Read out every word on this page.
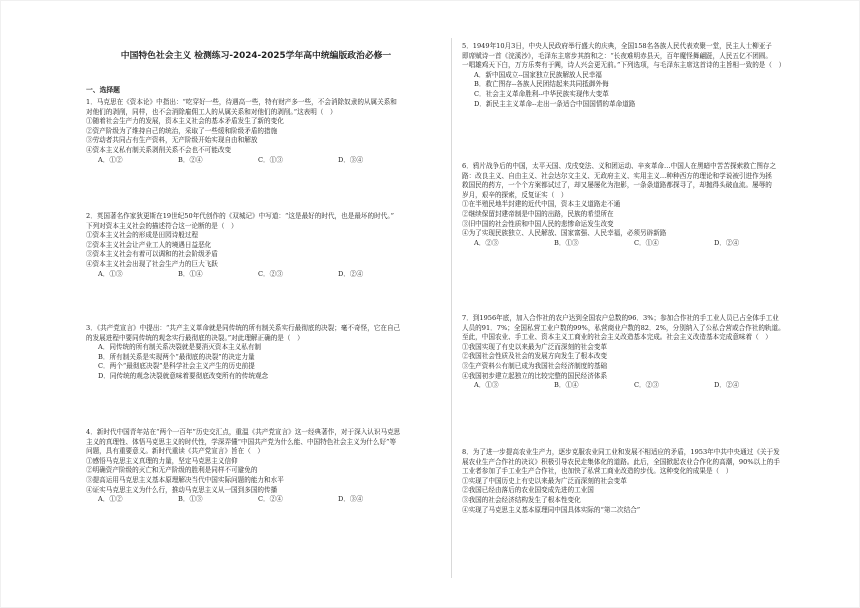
中国特色社会主义 检测练习-2024-2025学年高中统编版政治必修一
一、选择题

1．马克思在《资本论》中指出：“吃穿好一些，待遇高一些，特有财产多一些，不会消除奴隶的从属关系和

对他们的剥削，同样，也不会消除雇佣工人的从属关系和对他们的剥削。”这表明（　）

①随着社会生产力的发展，资本主义社会的基本矛盾发生了新的变化

②资产阶级为了维持自己的统治，采取了一些缓和阶级矛盾的措施

③劳动者共同占有生产资料，无产阶级开始实现自由和解放

④资本主义私有制关系剥削关系不会也不可能改变

A．①②	B．②④	C．①③	D．③④

2．英国著名作家狄更斯在19世纪50年代创作的《双城记》中写道：“这是最好的时代，也是最坏的时代。”

下列对资本主义社会的描述符合这一论断的是（　）

①资本主义社会的形成是田园诗般过程

②资本主义社会让产业工人的境遇日益恶化

③资本主义社会有着可以调和的社会阶级矛盾

④资本主义社会出现了社会生产力的巨大飞跃

A．①③	B．①④	C．②③	D．②④

3．《共产党宣言》中提出：“共产主义革命就是同传统的所有制关系实行最彻底的决裂；毫不奇怪，它在自己

的发展进程中要同传统的观念实行最彻底的决裂。”对此理解正确的是（　）

A．同传统的所有制关系决裂就是要消灭资本主义私有制

B．所有制关系是实现两个“最彻底的决裂”的决定力量

C．两个“最彻底决裂”是科学社会主义产生的历史前提

D．同传统的观念决裂就意味着要彻底改变所有的传统观念

4．新时代中国青年站在“两个一百年”历史交汇点，重温《共产党宣言》这一经典著作，对于深入认识马克思

主义的真理性、体悟马克思主义的时代性，学深弄懂“中国共产党为什么能、中国特色社会主义为什么好”等

问题，具有重要意义。新时代重读《共产党宣言》旨在（　）

①感悟马克思主义真理的力量，坚定马克思主义信仰

②明确资产阶级的灭亡和无产阶级的胜利是同样不可避免的

③提高运用马克思主义基本原理解决当代中国实际问题的能力和水平

④证实马克思主义为什么行，推动马克思主义从一国到多国的传播

A．①②	B．①③	C．②④	D．③④

5．1949年10月3日，中央人民政府举行盛大的庆典，全国158名各族人民代表欢聚一堂，民主人士柳亚子

即席赋诗一首《浣溪沙》，毛泽东主席步其韵和之：“长夜难明赤县天，百年魔怪舞翩跹，人民五亿不团圆。

一唱雄鸡天下白，万方乐奏有于阗，诗人兴会更无前。”下列选项，与毛泽东主席这首诗的主旨相一致的是（　）

A．新中国成立--国家独立民族解放人民幸福

B．救亡图存--各族人民团结起来共同抵御外侮

C．社会主义革命胜利--中华民族实现伟大变革

D．新民主主义革命--走出一条适合中国国情的革命道路

6．鸦片战争后的中国，太平天国、戊戌变法、义和团运动、辛亥革命…中国人在黑暗中苦苦探索救亡图存之

路：改良主义、自由主义、社会达尔文主义、无政府主义、实用主义…种种西方的理论和学说被引进作为拯

救国民的药方，一个个方案都试过了，却又屡屡化为泡影，一条条道路都探寻了，却抛得头破血流。屡辱的

岁月，艰辛的探索，反复证实（　）

①在半殖民地半封建的近代中国，资本主义道路走不通

②继续保留封建帝制是中国的出路，民族的希望所在

③旧中国的社会性质和中国人民的悲惨命运发生改变

④为了实现民族独立、人民解放、国家富强、人民幸福，必须另辟新路

A．②③	B．①③	C．①④	D．②④

7．到1956年底，加入合作社的农户达到全国农户总数的96．3%；参加合作社的手工业人员已占全体手工业

人员的91．7%；全国私营工业户数的99%，私营商业户数的82．2%，分别纳入了公私合营或合作社的轨道。

至此，中国农业、手工业、资本主义工商业的社会主义改造基本完成。社会主义改造基本完成意味着（　）

①我国实现了有史以来最为广泛而深刻的社会变革

②我国社会性质及社会的发展方向发生了根本改变

③生产资料公有制已成为我国社会经济制度的基础

④我国初步建立起独立的比较完整的国民经济体系

A．①③	B．①④	C．②③	D．②④

8．为了进一步提高农业生产力，逐步克服农业同工业和发展不相适应的矛盾，1953年中共中央通过《关于发

展农业生产合作社的决议》积极引导农民走集体化的道路。此后，全国掀起农业合作化的高潮，90%以上的手

工业者参加了手工业生产合作社，也加快了私营工商业改造的步伐。这种变化的成果是（　）

①实现了中国历史上有史以来最为广泛而深刻的社会变革

②我国已经由落后的农业国变成先进的工业国

③我国的社会经济结构发生了根本性变化

④实现了马克思主义基本原理同中国具体实际的“第二次结合”
